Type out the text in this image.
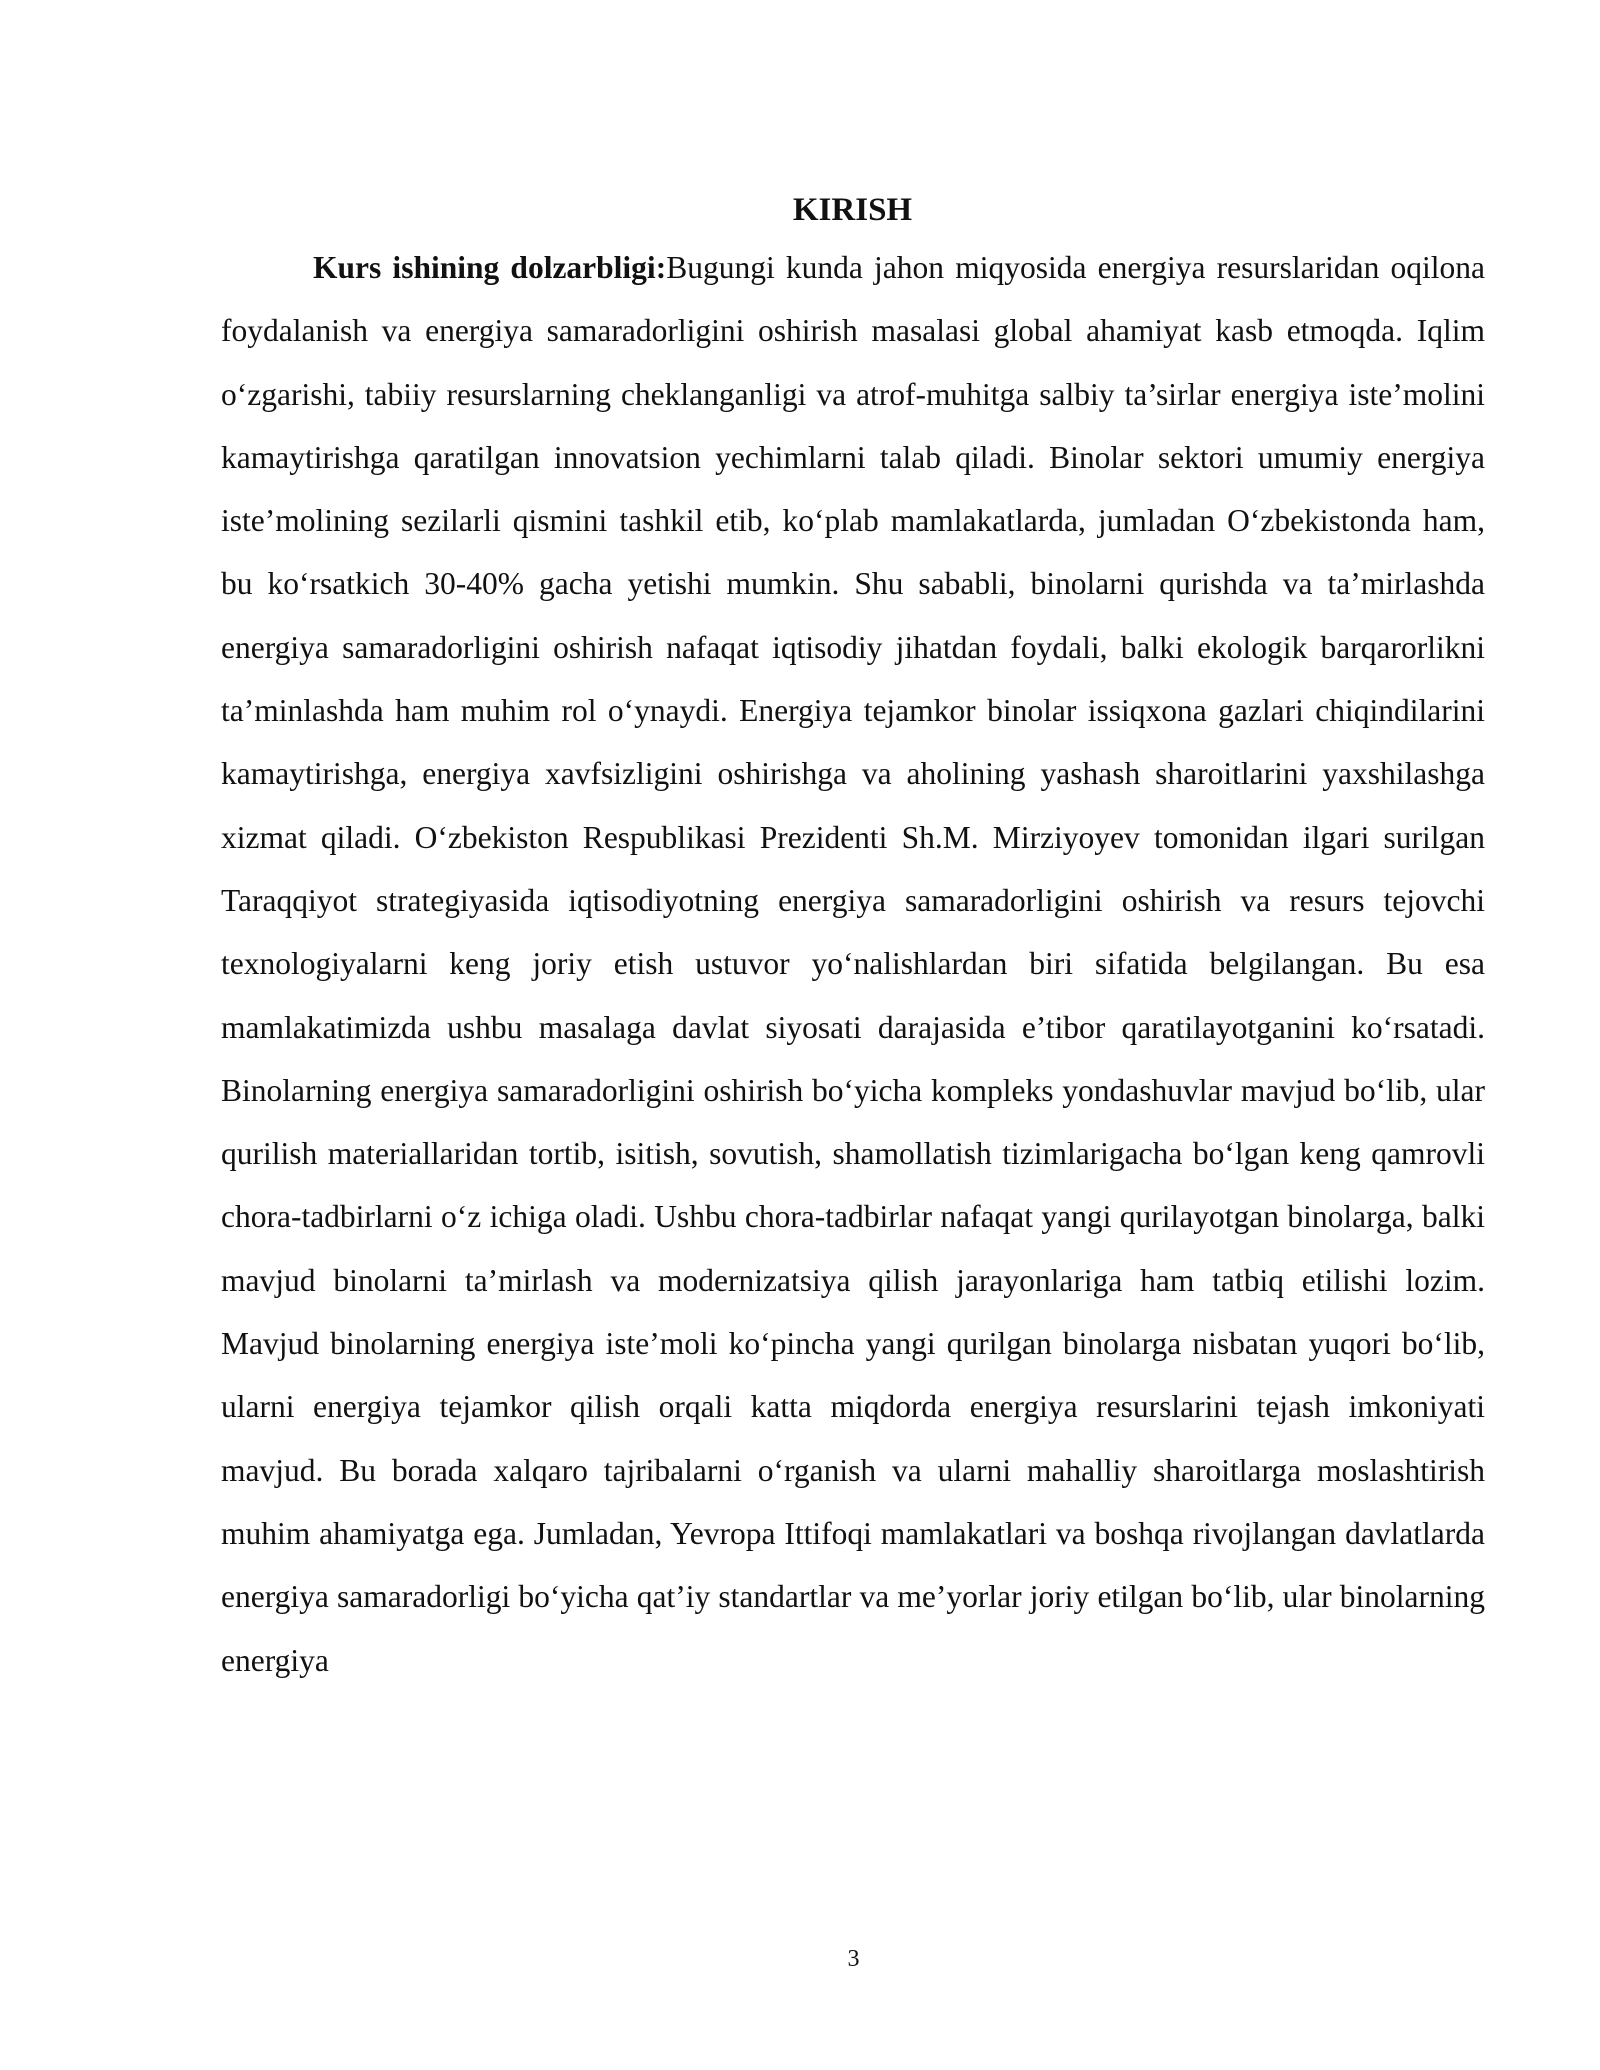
KIRISH

Kurs ishining dolzarbligi:Bugungi kunda jahon miqyosida energiya resurslaridan oqilona foydalanish va energiya samaradorligini oshirish masalasi global ahamiyat kasb etmoqda. Iqlim o‘zgarishi, tabiiy resurslarning cheklanganligi va atrof-muhitga salbiy ta’sirlar energiya iste’molini kamaytirishga qaratilgan innovatsion yechimlarni talab qiladi. Binolar sektori umumiy energiya iste’molining sezilarli qismini tashkil etib, ko‘plab mamlakatlarda, jumladan O‘zbekistonda ham, bu ko‘rsatkich 30-40% gacha yetishi mumkin. Shu sababli, binolarni qurishda va ta’mirlashda energiya samaradorligini oshirish nafaqat iqtisodiy jihatdan foydali, balki ekologik barqarorlikni ta’minlashda ham muhim rol o‘ynaydi. Energiya tejamkor binolar issiqxona gazlari chiqindilarini kamaytirishga, energiya xavfsizligini oshirishga va aholining yashash sharoitlarini yaxshilashga xizmat qiladi. O‘zbekiston Respublikasi Prezidenti Sh.M. Mirziyoyev tomonidan ilgari surilgan Taraqqiyot strategiyasida iqtisodiyotning energiya samaradorligini oshirish va resurs tejovchi texnologiyalarni keng joriy etish ustuvor yo‘nalishlardan biri sifatida belgilangan. Bu esa mamlakatimizda ushbu masalaga davlat siyosati darajasida e’tibor qaratilayotganini ko‘rsatadi. Binolarning energiya samaradorligini oshirish bo‘yicha kompleks yondashuvlar mavjud bo‘lib, ular qurilish materiallaridan tortib, isitish, sovutish, shamollatish tizimlarigacha bo‘lgan keng qamrovli chora-tadbirlarni o‘z ichiga oladi. Ushbu chora-tadbirlar nafaqat yangi qurilayotgan binolarga, balki mavjud binolarni ta’mirlash va modernizatsiya qilish jarayonlariga ham tatbiq etilishi lozim. Mavjud binolarning energiya iste’moli ko‘pincha yangi qurilgan binolarga nisbatan yuqori bo‘lib, ularni energiya tejamkor qilish orqali katta miqdorda energiya resurslarini tejash imkoniyati mavjud. Bu borada xalqaro tajribalarni o‘rganish va ularni mahalliy sharoitlarga moslashtirish muhim ahamiyatga ega. Jumladan, Yevropa Ittifoqi mamlakatlari va boshqa rivojlangan davlatlarda energiya samaradorligi bo‘yicha qat’iy standartlar va me’yorlar joriy etilgan bo‘lib, ular binolarning energiya

3
